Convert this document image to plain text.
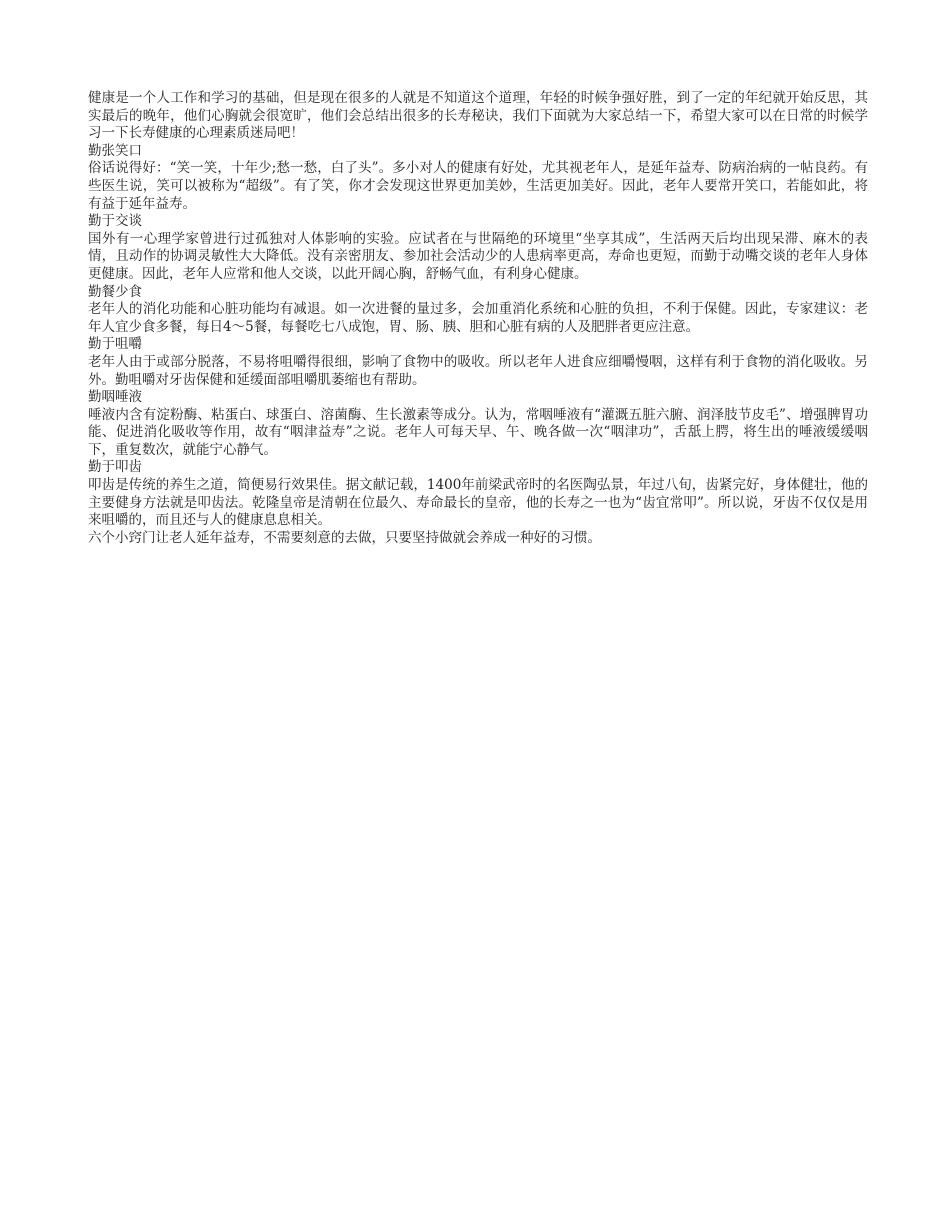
健康是一个人工作和学习的基础，但是现在很多的人就是不知道这个道理，年轻的时候争强好胜，到了一定的年纪就开始反思，其实最后的晚年，他们心胸就会很宽旷，他们会总结出很多的长寿秘诀，我们下面就为大家总结一下，希望大家可以在日常的时候学习一下长寿健康的心理素质迷局吧！

勤张笑口

俗话说得好：“笑一笑，十年少;愁一愁，白了头”。多小对人的健康有好处，尤其视老年人，是延年益寿、防病治病的一帖良药。有些医生说，笑可以被称为“超级”。有了笑，你才会发现这世界更加美妙，生活更加美好。因此，老年人要常开笑口，若能如此，将有益于延年益寿。

勤于交谈

国外有一心理学家曾进行过孤独对人体影响的实验。应试者在与世隔绝的环境里“坐享其成”，生活两天后均出现呆滞、麻木的表情，且动作的协调灵敏性大大降低。没有亲密朋友、参加社会活动少的人患病率更高，寿命也更短，而勤于动嘴交谈的老年人身体更健康。因此，老年人应常和他人交谈，以此开阔心胸，舒畅气血，有利身心健康。

勤餐少食

老年人的消化功能和心脏功能均有减退。如一次进餐的量过多，会加重消化系统和心脏的负担，不利于保健。因此，专家建议：老年人宜少食多餐，每日4～5餐，每餐吃七八成饱，胃、肠、胰、胆和心脏有病的人及肥胖者更应注意。

勤于咀嚼

老年人由于或部分脱落，不易将咀嚼得很细，影响了食物中的吸收。所以老年人进食应细嚼慢咽，这样有利于食物的消化吸收。另外。勤咀嚼对牙齿保健和延缓面部咀嚼肌萎缩也有帮助。

勤咽唾液

唾液内含有淀粉酶、粘蛋白、球蛋白、溶菌酶、生长激素等成分。认为，常咽唾液有“灌溉五脏六腑、润泽肢节皮毛”、增强脾胃功能、促进消化吸收等作用，故有“咽津益寿”之说。老年人可每天早、午、晚各做一次“咽津功”，舌舐上腭，将生出的唾液缓缓咽下，重复数次，就能宁心静气。

勤于叩齿

叩齿是传统的养生之道，简便易行效果佳。据文献记载，1400年前梁武帝时的名医陶弘景，年过八旬，齿紧完好，身体健壮，他的主要健身方法就是叩齿法。乾隆皇帝是清朝在位最久、寿命最长的皇帝，他的长寿之一也为“齿宜常叩”。所以说，牙齿不仅仅是用来咀嚼的，而且还与人的健康息息相关。

六个小窍门让老人延年益寿，不需要刻意的去做，只要坚持做就会养成一种好的习惯。
